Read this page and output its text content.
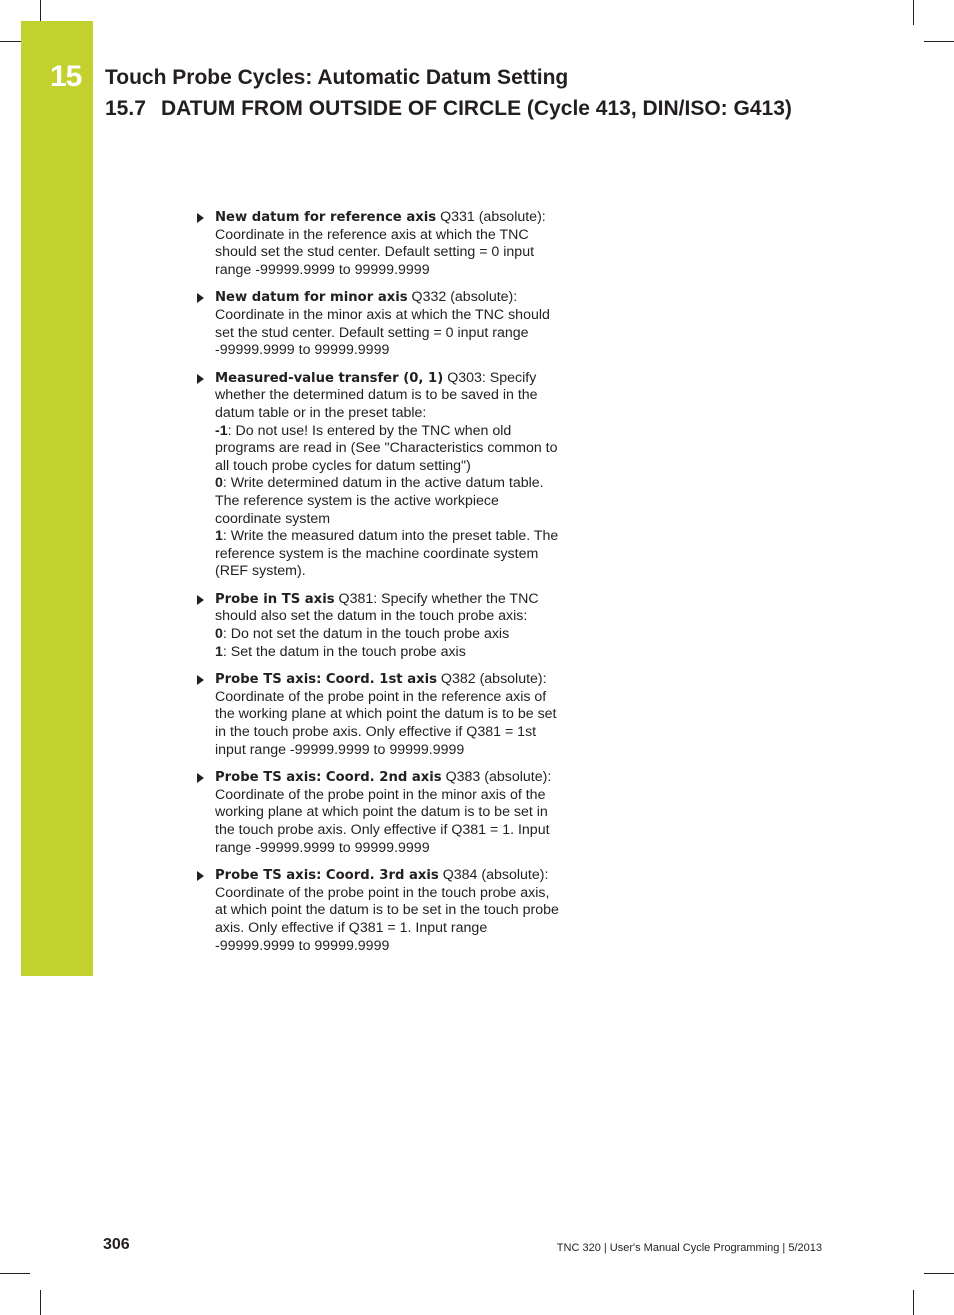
15 Touch Probe Cycles: Automatic Datum Setting
15.7 DATUM FROM OUTSIDE OF CIRCLE (Cycle 413, DIN/ISO: G413)
New datum for reference axis Q331 (absolute): Coordinate in the reference axis at which the TNC should set the stud center. Default setting = 0 input range -99999.9999 to 99999.9999
New datum for minor axis Q332 (absolute): Coordinate in the minor axis at which the TNC should set the stud center. Default setting = 0 input range -99999.9999 to 99999.9999
Measured-value transfer (0, 1) Q303: Specify whether the determined datum is to be saved in the datum table or in the preset table:
-1: Do not use! Is entered by the TNC when old programs are read in (See "Characteristics common to all touch probe cycles for datum setting")
0: Write determined datum in the active datum table. The reference system is the active workpiece coordinate system
1: Write the measured datum into the preset table. The reference system is the machine coordinate system (REF system).
Probe in TS axis Q381: Specify whether the TNC should also set the datum in the touch probe axis:
0: Do not set the datum in the touch probe axis
1: Set the datum in the touch probe axis
Probe TS axis: Coord. 1st axis Q382 (absolute): Coordinate of the probe point in the reference axis of the working plane at which point the datum is to be set in the touch probe axis. Only effective if Q381 = 1st input range -99999.9999 to 99999.9999
Probe TS axis: Coord. 2nd axis Q383 (absolute): Coordinate of the probe point in the minor axis of the working plane at which point the datum is to be set in the touch probe axis. Only effective if Q381 = 1. Input range -99999.9999 to 99999.9999
Probe TS axis: Coord. 3rd axis Q384 (absolute): Coordinate of the probe point in the touch probe axis, at which point the datum is to be set in the touch probe axis. Only effective if Q381 = 1. Input range -99999.9999 to 99999.9999
306	TNC 320 | User's Manual Cycle Programming | 5/2013
